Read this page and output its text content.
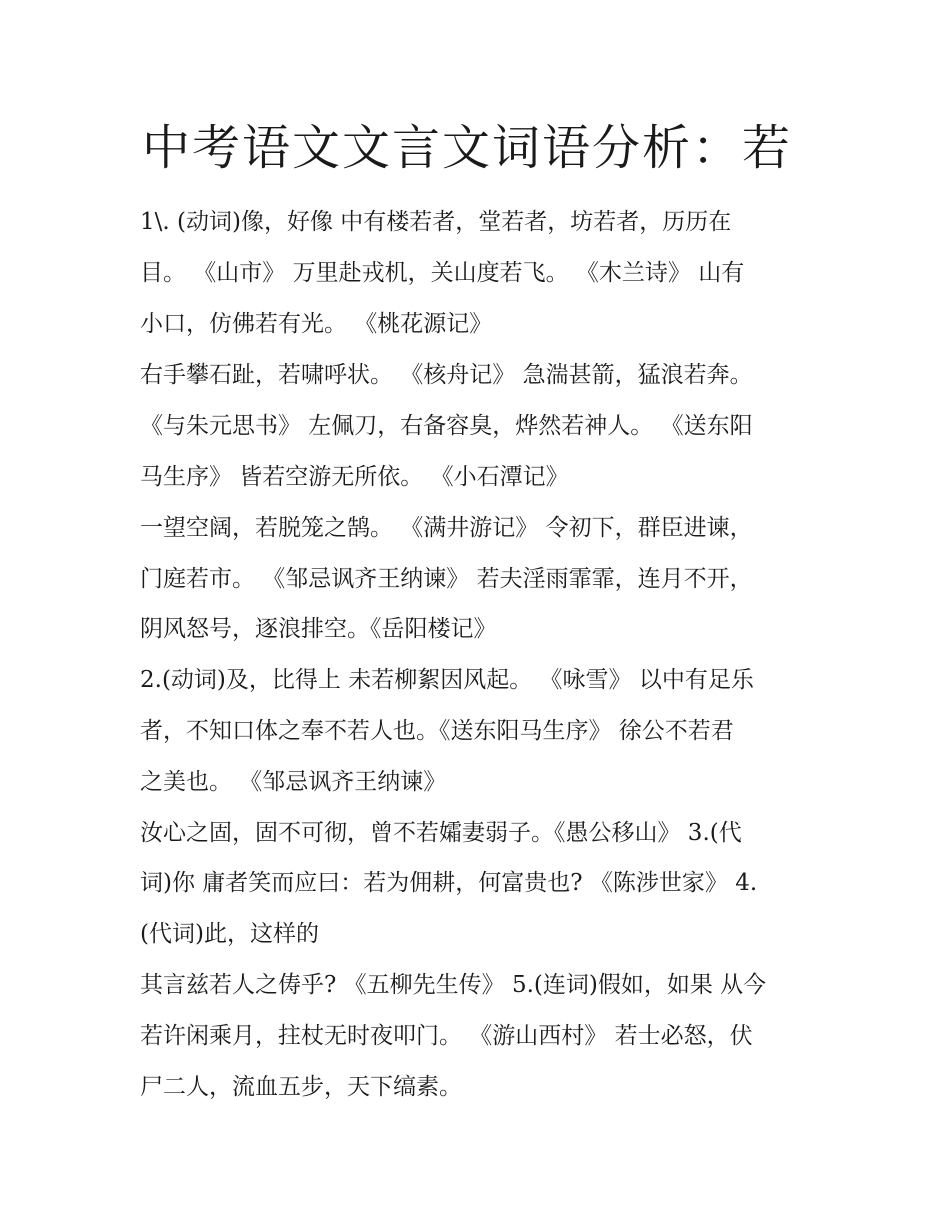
中考语文文言文词语分析：若

1\. (动词)像，好像 中有楼若者，堂若者，坊若者，历历在

目。 《山市》 万里赴戎机，关山度若飞。 《木兰诗》 山有

小口，仿佛若有光。 《桃花源记》

右手攀石趾，若啸呼状。 《核舟记》 急湍甚箭，猛浪若奔。

《与朱元思书》 左佩刀，右备容臭，烨然若神人。 《送东阳

马生序》 皆若空游无所依。 《小石潭记》

一望空阔，若脱笼之鹄。 《满井游记》 令初下，群臣进谏，

门庭若市。 《邹忌讽齐王纳谏》 若夫淫雨霏霏，连月不开，

阴风怒号，逐浪排空。《岳阳楼记》

2.(动词)及，比得上 未若柳絮因风起。 《咏雪》 以中有足乐

者，不知口体之奉不若人也。《送东阳马生序》 徐公不若君

之美也。 《邹忌讽齐王纳谏》

汝心之固，固不可彻，曾不若孀妻弱子。《愚公移山》 3.(代

词)你 庸者笑而应曰：若为佣耕，何富贵也? 《陈涉世家》 4.

(代词)此，这样的

其言兹若人之俦乎? 《五柳先生传》 5.(连词)假如，如果 从今

若许闲乘月，拄杖无时夜叩门。 《游山西村》 若士必怒，伏

尸二人，流血五步，天下缟素。
